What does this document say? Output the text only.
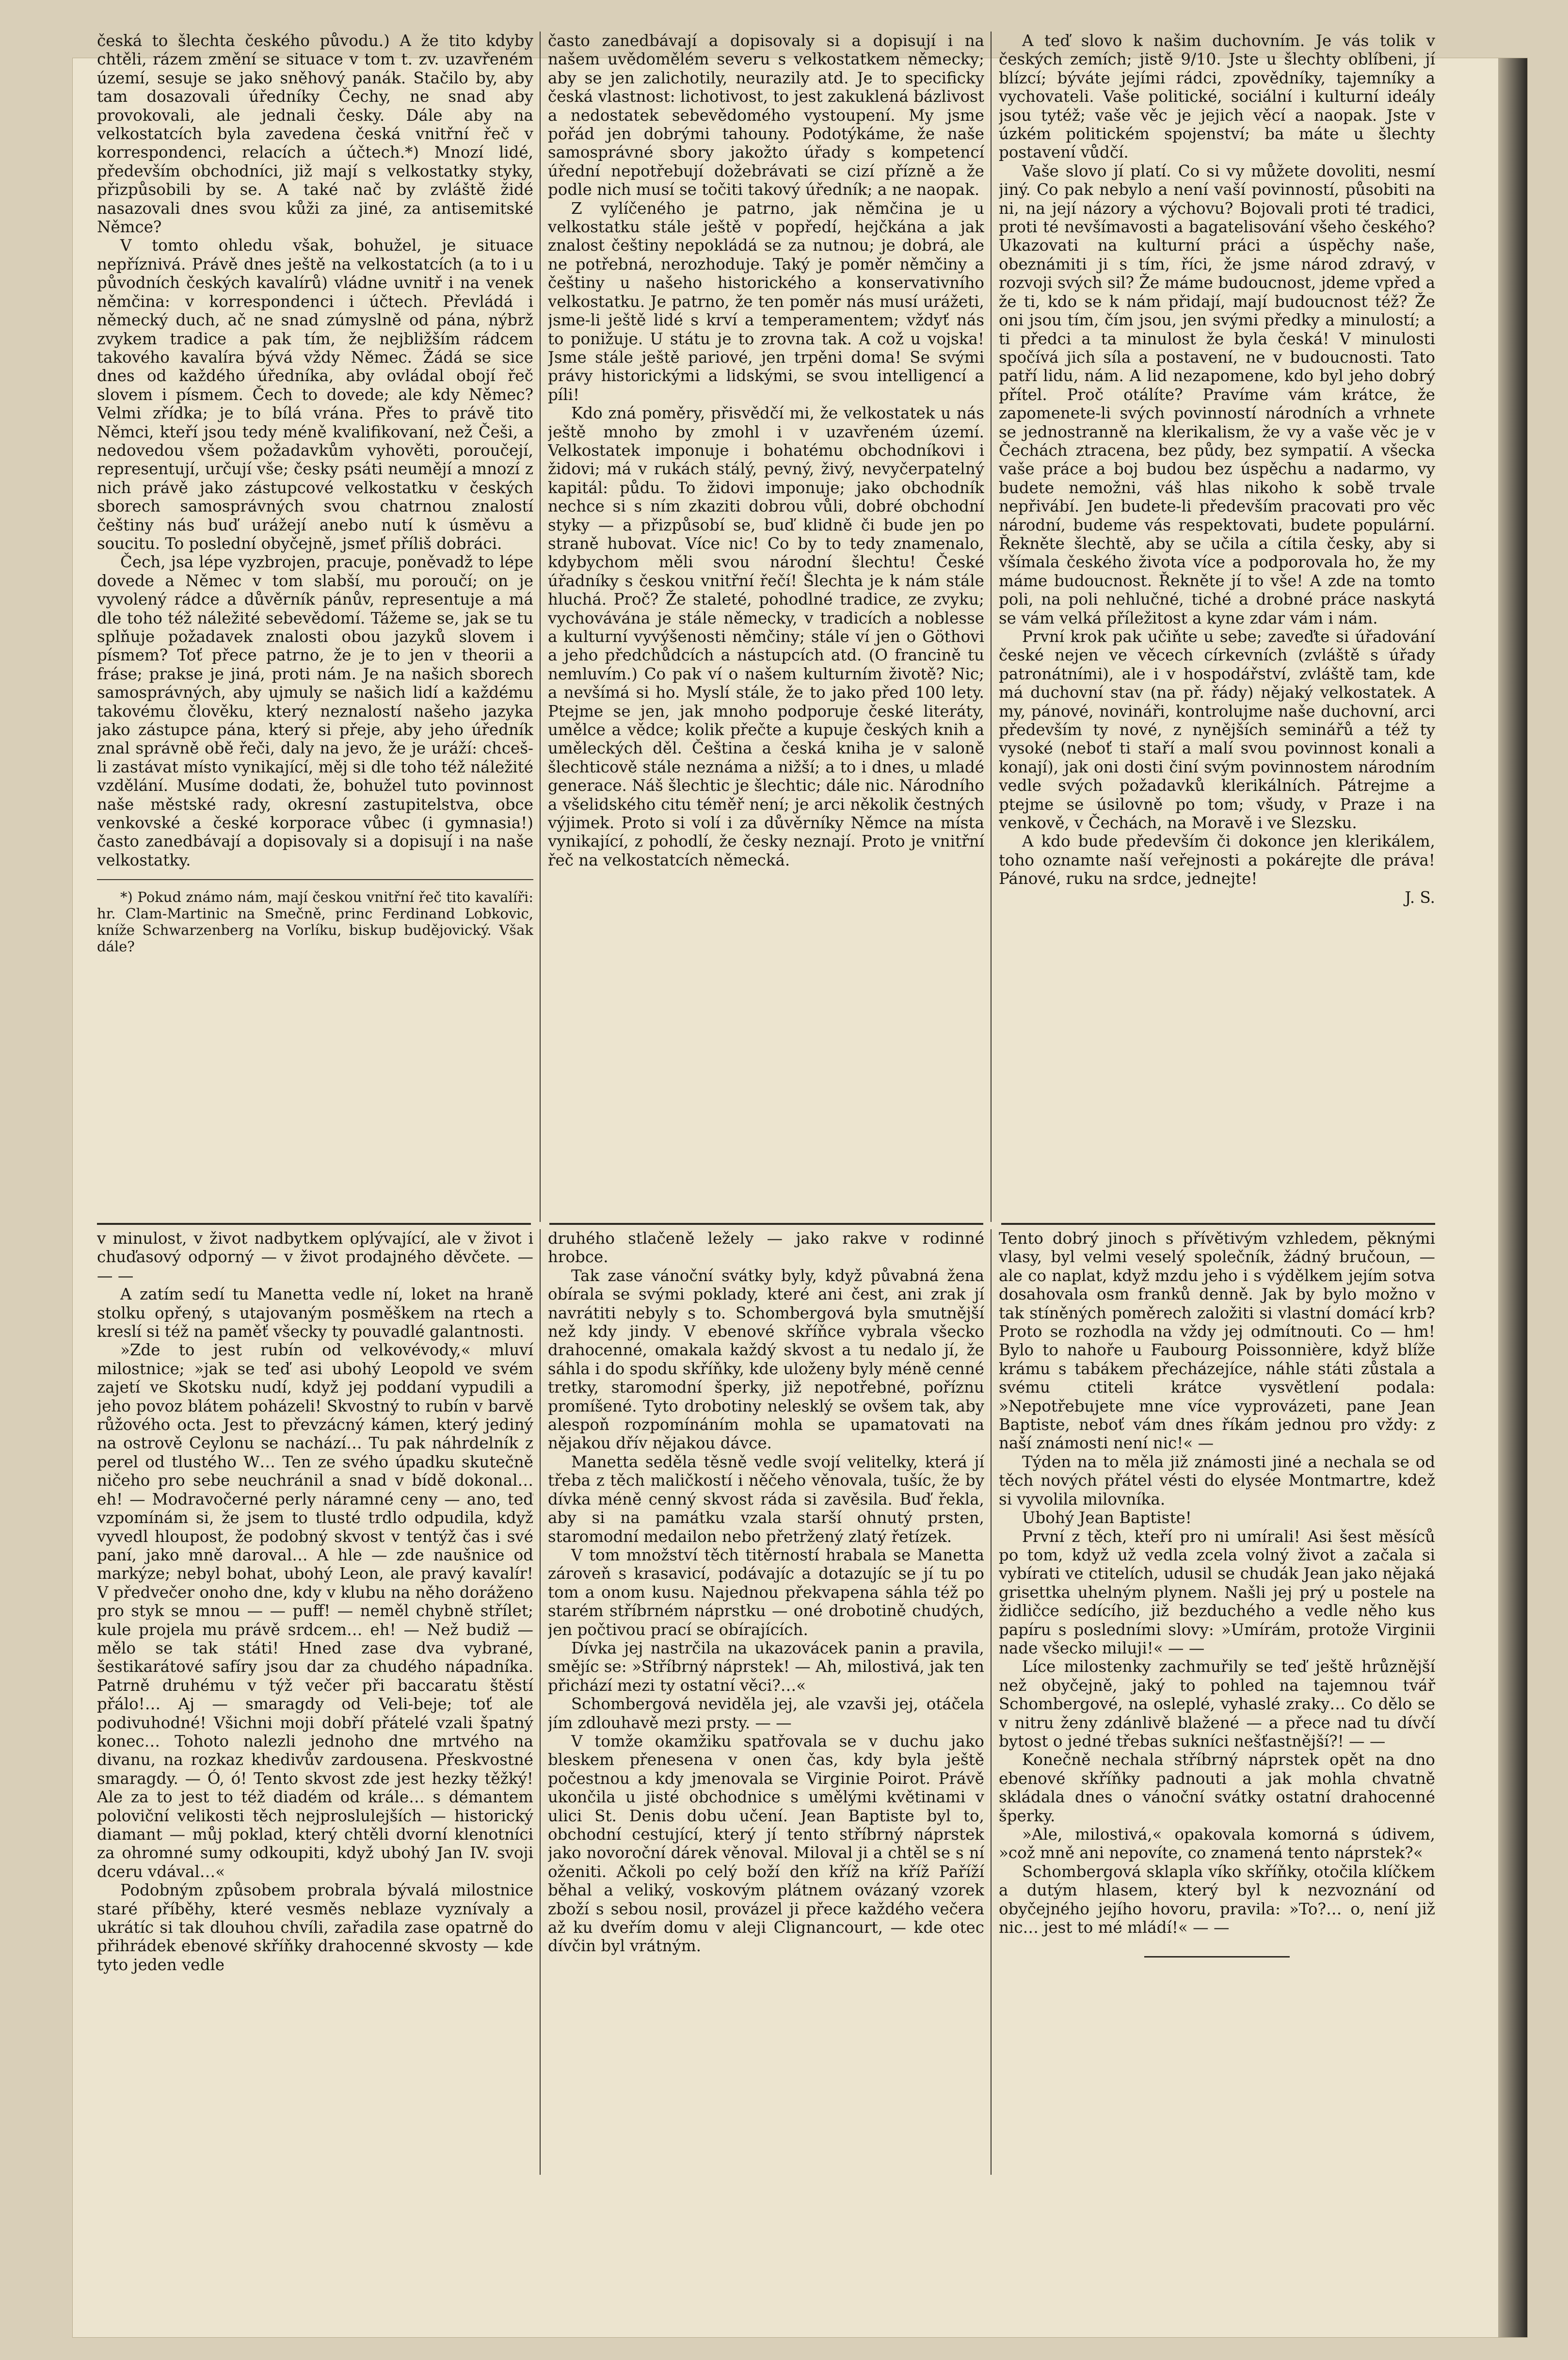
česká to šlechta českého původu.) A že tito kdyby chtěli, rázem změní se situace v tom t. zv. uzavřeném území, sesuje se jako sněhový panák. Stačilo by, aby tam dosazovali úředníky Čechy, ne snad aby provokovali, ale jednali česky. Dále aby na velkostatcích byla zavedena česká vnitřní řeč v korrespondenci, relacích a účtech.*) Mnozí lidé, především obchodníci, již mají s velkostatky styky, přizpůsobili by se. A také nač by zvláště židé nasazovali dnes svou kůži za jiné, za antisemitské Němce?

V tomto ohledu však, bohužel, je situace nepříznivá. Právě dnes ještě na velkostatcích (a to i u původních českých kavalírů) vládne uvnitř i na venek němčina: v korrespondenci i účtech. Převládá i německý duch, ač ne snad zúmyslně od pána, nýbrž zvykem tradice a pak tím, že nejbližším rádcem takového kavalíra bývá vždy Němec. Žádá se sice dnes od každého úředníka, aby ovládal obojí řeč slovem i písmem. Čech to dovede; ale kdy Němec? Velmi zřídka; je to bílá vrána. Přes to právě tito Němci, kteří jsou tedy méně kvalifikovaní, než Češi, a nedovedou všem požadavkům vyhověti, poroučejí, representují, určují vše; česky psáti neumějí a mnozí z nich právě jako zástupcové velkostatku v českých sborech samosprávných svou chatrnou znalostí češtiny nás buď urážejí anebo nutí k úsměvu a soucitu. To poslední obyčejně, jsmeť příliš dobráci.

Čech, jsa lépe vyzbrojen, pracuje, poněvadž to lépe dovede a Němec v tom slabší, mu poroučí; on je vyvolený rádce a důvěrník pánův, representuje a má dle toho též náležité sebevědomí. Tážeme se, jak se tu splňuje požadavek znalosti obou jazyků slovem i písmem? Toť přece patrno, že je to jen v theorii a fráse; prakse je jiná, proti nám. Je na našich sborech samosprávných, aby ujmuly se našich lidí a každému takovému člověku, který neznalostí našeho jazyka jako zástupce pána, který si přeje, aby jeho úředník znal správně obě řeči, daly na jevo, že je uráží: chceš-li zastávat místo vynikající, měj si dle toho též náležité vzdělání. Musíme dodati, že, bohužel tuto povinnost naše městské rady, okresní zastupitelstva, obce venkovské a české korporace vůbec (i gymnasia!) často zanedbávají a dopisovaly si a dopisují i na naše velkostatky.

*) Pokud známo nám, mají českou vnitřní řeč tito kavalíři: hr. Clam-Martinic na Smečně, princ Ferdinand Lobkovic, kníže Schwarzenberg na Vorlíku, biskup budějovický. Však dále?

často zanedbávají a dopisovaly si a dopisují i na našem uvědomělém severu s velkostatkem německy; aby se jen zalichotily, neurazily atd. Je to specificky česká vlastnost: lichotivost, to jest zakuklená bázlivost a nedostatek sebevědomého vystoupení. My jsme pořád jen dobrými tahouny. Podotýkáme, že naše samosprávné sbory jakožto úřady s kompetencí úřední nepotřebují dožebrávati se cizí přízně a že podle nich musí se točiti takový úředník; a ne naopak.

Z vylíčeného je patrno, jak němčina je u velkostatku stále ještě v popředí, hejčkána a jak znalost češtiny nepokládá se za nutnou; je dobrá, ale ne potřebná, nerozhoduje. Taký je poměr němčiny a češtiny u našeho historického a konservativního velkostatku. Je patrno, že ten poměr nás musí urážeti, jsme-li ještě lidé s krví a temperamentem; vždyť nás to ponižuje. U státu je to zrovna tak. A což u vojska! Jsme stále ještě pariové, jen trpěni doma! Se svými právy historickými a lidskými, se svou intelligencí a píli!

Kdo zná poměry, přisvědčí mi, že velkostatek u nás ještě mnoho by zmohl i v uzavřeném území. Velkostatek imponuje i bohatému obchodníkovi i židovi; má v rukách stálý, pevný, živý, nevyčerpatelný kapitál: půdu. To židovi imponuje; jako obchodník nechce si s ním zkaziti dobrou vůli, dobré obchodní styky — a přizpůsobí se, buď klidně či bude jen po straně hubovat. Více nic! Co by to tedy znamenalo, kdybychom měli svou národní šlechtu! České úřadníky s českou vnitřní řečí! Šlechta je k nám stále hluchá. Proč? Že staleté, pohodlné tradice, ze zvyku; vychovávána je stále německy, v tradicích a noblesse a kulturní vyvýšenosti němčiny; stále ví jen o Göthovi a jeho předchůdcích a nástupcích atd. (O francině tu nemluvím.) Co pak ví o našem kulturním životě? Nic; a nevšímá si ho. Myslí stále, že to jako před 100 lety. Ptejme se jen, jak mnoho podporuje české literáty, umělce a vědce; kolik přečte a kupuje českých knih a uměleckých děl. Čeština a česká kniha je v saloně šlechticově stále neznáma a nižší; a to i dnes, u mladé generace. Náš šlechtic je šlechtic; dále nic. Národního a všelidského citu téměř není; je arci několik čestných výjimek. Proto si volí i za důvěrníky Němce na místa vynikající, z pohodlí, že česky neznají. Proto je vnitřní řeč na velkostatcích německá.

A teď slovo k našim duchovním. Je vás tolik v českých zemích; jistě 9/10. Jste u šlechty oblíbeni, jí blízcí; býváte jejími rádci, zpovědníky, tajemníky a vychovateli. Vaše politické, sociální i kulturní ideály jsou tytéž; vaše věc je jejich věcí a naopak. Jste v úzkém politickém spojenství; ba máte u šlechty postavení vůdčí.

Vaše slovo jí platí. Co si vy můžete dovoliti, nesmí jiný. Co pak nebylo a není vaší povinností, působiti na ni, na její názory a výchovu? Bojovali proti té tradici, proti té nevšímavosti a bagatelisování všeho českého? Ukazovati na kulturní práci a úspěchy naše, obeznámiti ji s tím, říci, že jsme národ zdravý, v rozvoji svých sil? Že máme budoucnost, jdeme vpřed a že ti, kdo se k nám přidají, mají budoucnost též? Že oni jsou tím, čím jsou, jen svými předky a minulostí; a ti předci a ta minulost že byla česká! V minulosti spočívá jich síla a postavení, ne v budoucnosti. Tato patří lidu, nám. A lid nezapomene, kdo byl jeho dobrý přítel. Proč otálíte? Pravíme vám krátce, že zapomenete-li svých povinností národních a vrhnete se jednostranně na klerikalism, že vy a vaše věc je v Čechách ztracena, bez půdy, bez sympatií. A všecka vaše práce a boj budou bez úspěchu a nadarmo, vy budete nemožni, váš hlas nikoho k sobě trvale nepřivábí. Jen budete-li především pracovati pro věc národní, budeme vás respektovati, budete populární. Řekněte šlechtě, aby se učila a cítila česky, aby si všímala českého života více a podporovala ho, že my máme budoucnost. Řekněte jí to vše! A zde na tomto poli, na poli nehlučné, tiché a drobné práce naskytá se vám velká příležitost a kyne zdar vám i nám.

První krok pak učiňte u sebe; zaveďte si úřadování české nejen ve věcech církevních (zvláště s úřady patronátními), ale i v hospodářství, zvláště tam, kde má duchovní stav (na př. řády) nějaký velkostatek. A my, pánové, novináři, kontrolujme naše duchovní, arci především ty nové, z nynějších seminářů a též ty vysoké (neboť ti staří a malí svou povinnost konali a konají), jak oni dosti činí svým povinnostem národním vedle svých požadavků klerikálních. Pátrejme a ptejme se úsilovně po tom; všudy, v Praze i na venkově, v Čechách, na Moravě i ve Slezsku.

A kdo bude především či dokonce jen klerikálem, toho oznamte naší veřejnosti a pokárejte dle práva! Pánové, ruku na srdce, jednejte!

J. S.

v minulost, v život nadbytkem oplývající, ale v život i chuďasový odporný — v život prodajného děvčete. — — —

A zatím sedí tu Manetta vedle ní, loket na hraně stolku opřený, s utajovaným posměškem na rtech a kreslí si též na paměť všecky ty pouvadlé galantnosti.

»Zde to jest rubín od velkovévody,« mluví milostnice; »jak se teď asi ubohý Leopold ve svém zajetí ve Skotsku nudí, když jej poddaní vypudili a jeho povoz blátem poházeli! Skvostný to rubín v barvě růžového octa. Jest to převzácný kámen, který jediný na ostrově Ceylonu se nachází… Tu pak náhrdelník z perel od tlustého W… Ten ze svého úpadku skutečně ničeho pro sebe neuchránil a snad v bídě dokonal… eh! — Modravočerné perly náramné ceny — ano, teď vzpomínám si, že jsem to tlusté trdlo odpudila, když vyvedl hloupost, že podobný skvost v tentýž čas i své paní, jako mně daroval… A hle — zde naušnice od markýze; nebyl bohat, ubohý Leon, ale pravý kavalír! V předvečer onoho dne, kdy v klubu na něho doráženo pro styk se mnou — — puff! — neměl chybně střílet; kule projela mu právě srdcem… eh! — Než budiž — mělo se tak státi! Hned zase dva vybrané, šestikarátové safíry jsou dar za chudého nápadníka. Patrně druhému v týž večer při baccaratu štěstí přálo!… Aj — smaragdy od Veli-beje; toť ale podivuhodné! Všichni moji dobří přátelé vzali špatný konec… Tohoto nalezli jednoho dne mrtvého na divanu, na rozkaz khedivův zardousena. Přeskvostné smaragdy. — Ó, ó! Tento skvost zde jest hezky těžký! Ale za to jest to též diadém od krále… s démantem poloviční velikosti těch nejproslulejších — historický diamant — můj poklad, který chtěli dvorní klenotníci za ohromné sumy odkoupiti, když ubohý Jan IV. svoji dceru vdával…«

Podobným způsobem probrala bývalá milostnice staré příběhy, které vesměs neblaze vyznívaly a ukrátíc si tak dlouhou chvíli, zařadila zase opatrně do přihrádek ebenové skříňky drahocenné skvosty — kde tyto jeden vedle

druhého stlačeně ležely — jako rakve v rodinné hrobce.

Tak zase vánoční svátky byly, když půvabná žena obírala se svými poklady, které ani čest, ani zrak jí navrátiti nebyly s to. Schombergová byla smutnější než kdy jindy. V ebenové skříňce vybrala všecko drahocenné, omakala každý skvost a tu nedalo jí, že sáhla i do spodu skříňky, kde uloženy byly méně cenné tretky, staromodní šperky, již nepotřebné, poříznu promíšené. Tyto drobotiny nelesklý se ovšem tak, aby alespoň rozpomínáním mohla se upamatovati na nějakou dřív nějakou dávce.

Manetta seděla těsně vedle svojí velitelky, která jí třeba z těch maličkostí i něčeho věnovala, tušíc, že by dívka méně cenný skvost ráda si zavěsila. Buď řekla, aby si na památku vzala starší ohnutý prsten, staromodní medailon nebo přetržený zlatý řetízek.

V tom množství těch titěrností hrabala se Manetta zároveň s krasavicí, podávajíc a dotazujíc se jí tu po tom a onom kusu. Najednou překvapena sáhla též po starém stříbrném náprstku — oné drobotině chudých, jen počtivou prací se obírajících.

Dívka jej nastrčila na ukazovácek panin a pravila, smějíc se: »Stříbrný náprstek! — Ah, milostivá, jak ten přichází mezi ty ostatní věci?…«

Schombergová neviděla jej, ale vzavši jej, otáčela jím zdlouhavě mezi prsty. — —

V tomže okamžiku spatřovala se v duchu jako bleskem přenesena v onen čas, kdy byla ještě počestnou a kdy jmenovala se Virginie Poirot. Právě ukončila u jisté obchodnice s umělými květinami v ulici St. Denis dobu učení. Jean Baptiste byl to, obchodní cestující, který jí tento stříbrný náprstek jako novoroční dárek věnoval. Miloval ji a chtěl se s ní oženiti. Ačkoli po celý boží den kříž na kříž Paříží běhal a veliký, voskovým plátnem ovázaný vzorek zboží s sebou nosil, provázel ji přece každého večera až ku dveřím domu v aleji Clignancourt, — kde otec dívčin byl vrátným.

Tento dobrý jinoch s přívětivým vzhledem, pěknými vlasy, byl velmi veselý společník, žádný bručoun, — ale co naplat, když mzdu jeho i s výdělkem jejím sotva dosahovala osm franků denně. Jak by bylo možno v tak stíněných poměrech založiti si vlastní domácí krb? Proto se rozhodla na vždy jej odmítnouti. Co — hm! Bylo to nahoře u Faubourg Poissonnière, když blíže krámu s tabákem přecházejíce, náhle státi zůstala a svému ctiteli krátce vysvětlení podala: »Nepotřebujete mne více vyprovázeti, pane Jean Baptiste, neboť vám dnes říkám jednou pro vždy: z naší známosti není nic!« —

Týden na to měla již známosti jiné a nechala se od těch nových přátel vésti do elysée Montmartre, kdež si vyvolila milovníka.

Ubohý Jean Baptiste!

První z těch, kteří pro ni umírali! Asi šest měsíců po tom, když už vedla zcela volný život a začala si vybírati ve ctitelích, udusil se chudák Jean jako nějaká grisettka uhelným plynem. Našli jej prý u postele na židličce sedícího, již bezduchého a vedle něho kus papíru s posledními slovy: »Umírám, protože Virginii nade všecko miluji!« — —

Líce milostenky zachmuřily se teď ještě hrůznější než obyčejně, jaký to pohled na tajemnou tvář Schombergové, na osleplé, vyhaslé zraky… Co dělo se v nitru ženy zdánlivě blažené — a přece nad tu dívčí bytost o jedné třebas sukníci nešťastnější?! — —

Konečně nechala stříbrný náprstek opět na dno ebenové skříňky padnouti a jak mohla chvatně skládala dnes o vánoční svátky ostatní drahocenné šperky.

»Ale, milostivá,« opakovala komorná s údivem, »což mně ani nepovíte, co znamená tento náprstek?«

Schombergová sklapla víko skříňky, otočila klíčkem a dutým hlasem, který byl k nezvoznání od obyčejného jejího hovoru, pravila: »To?… o, není již nic… jest to mé mládí!« — —
